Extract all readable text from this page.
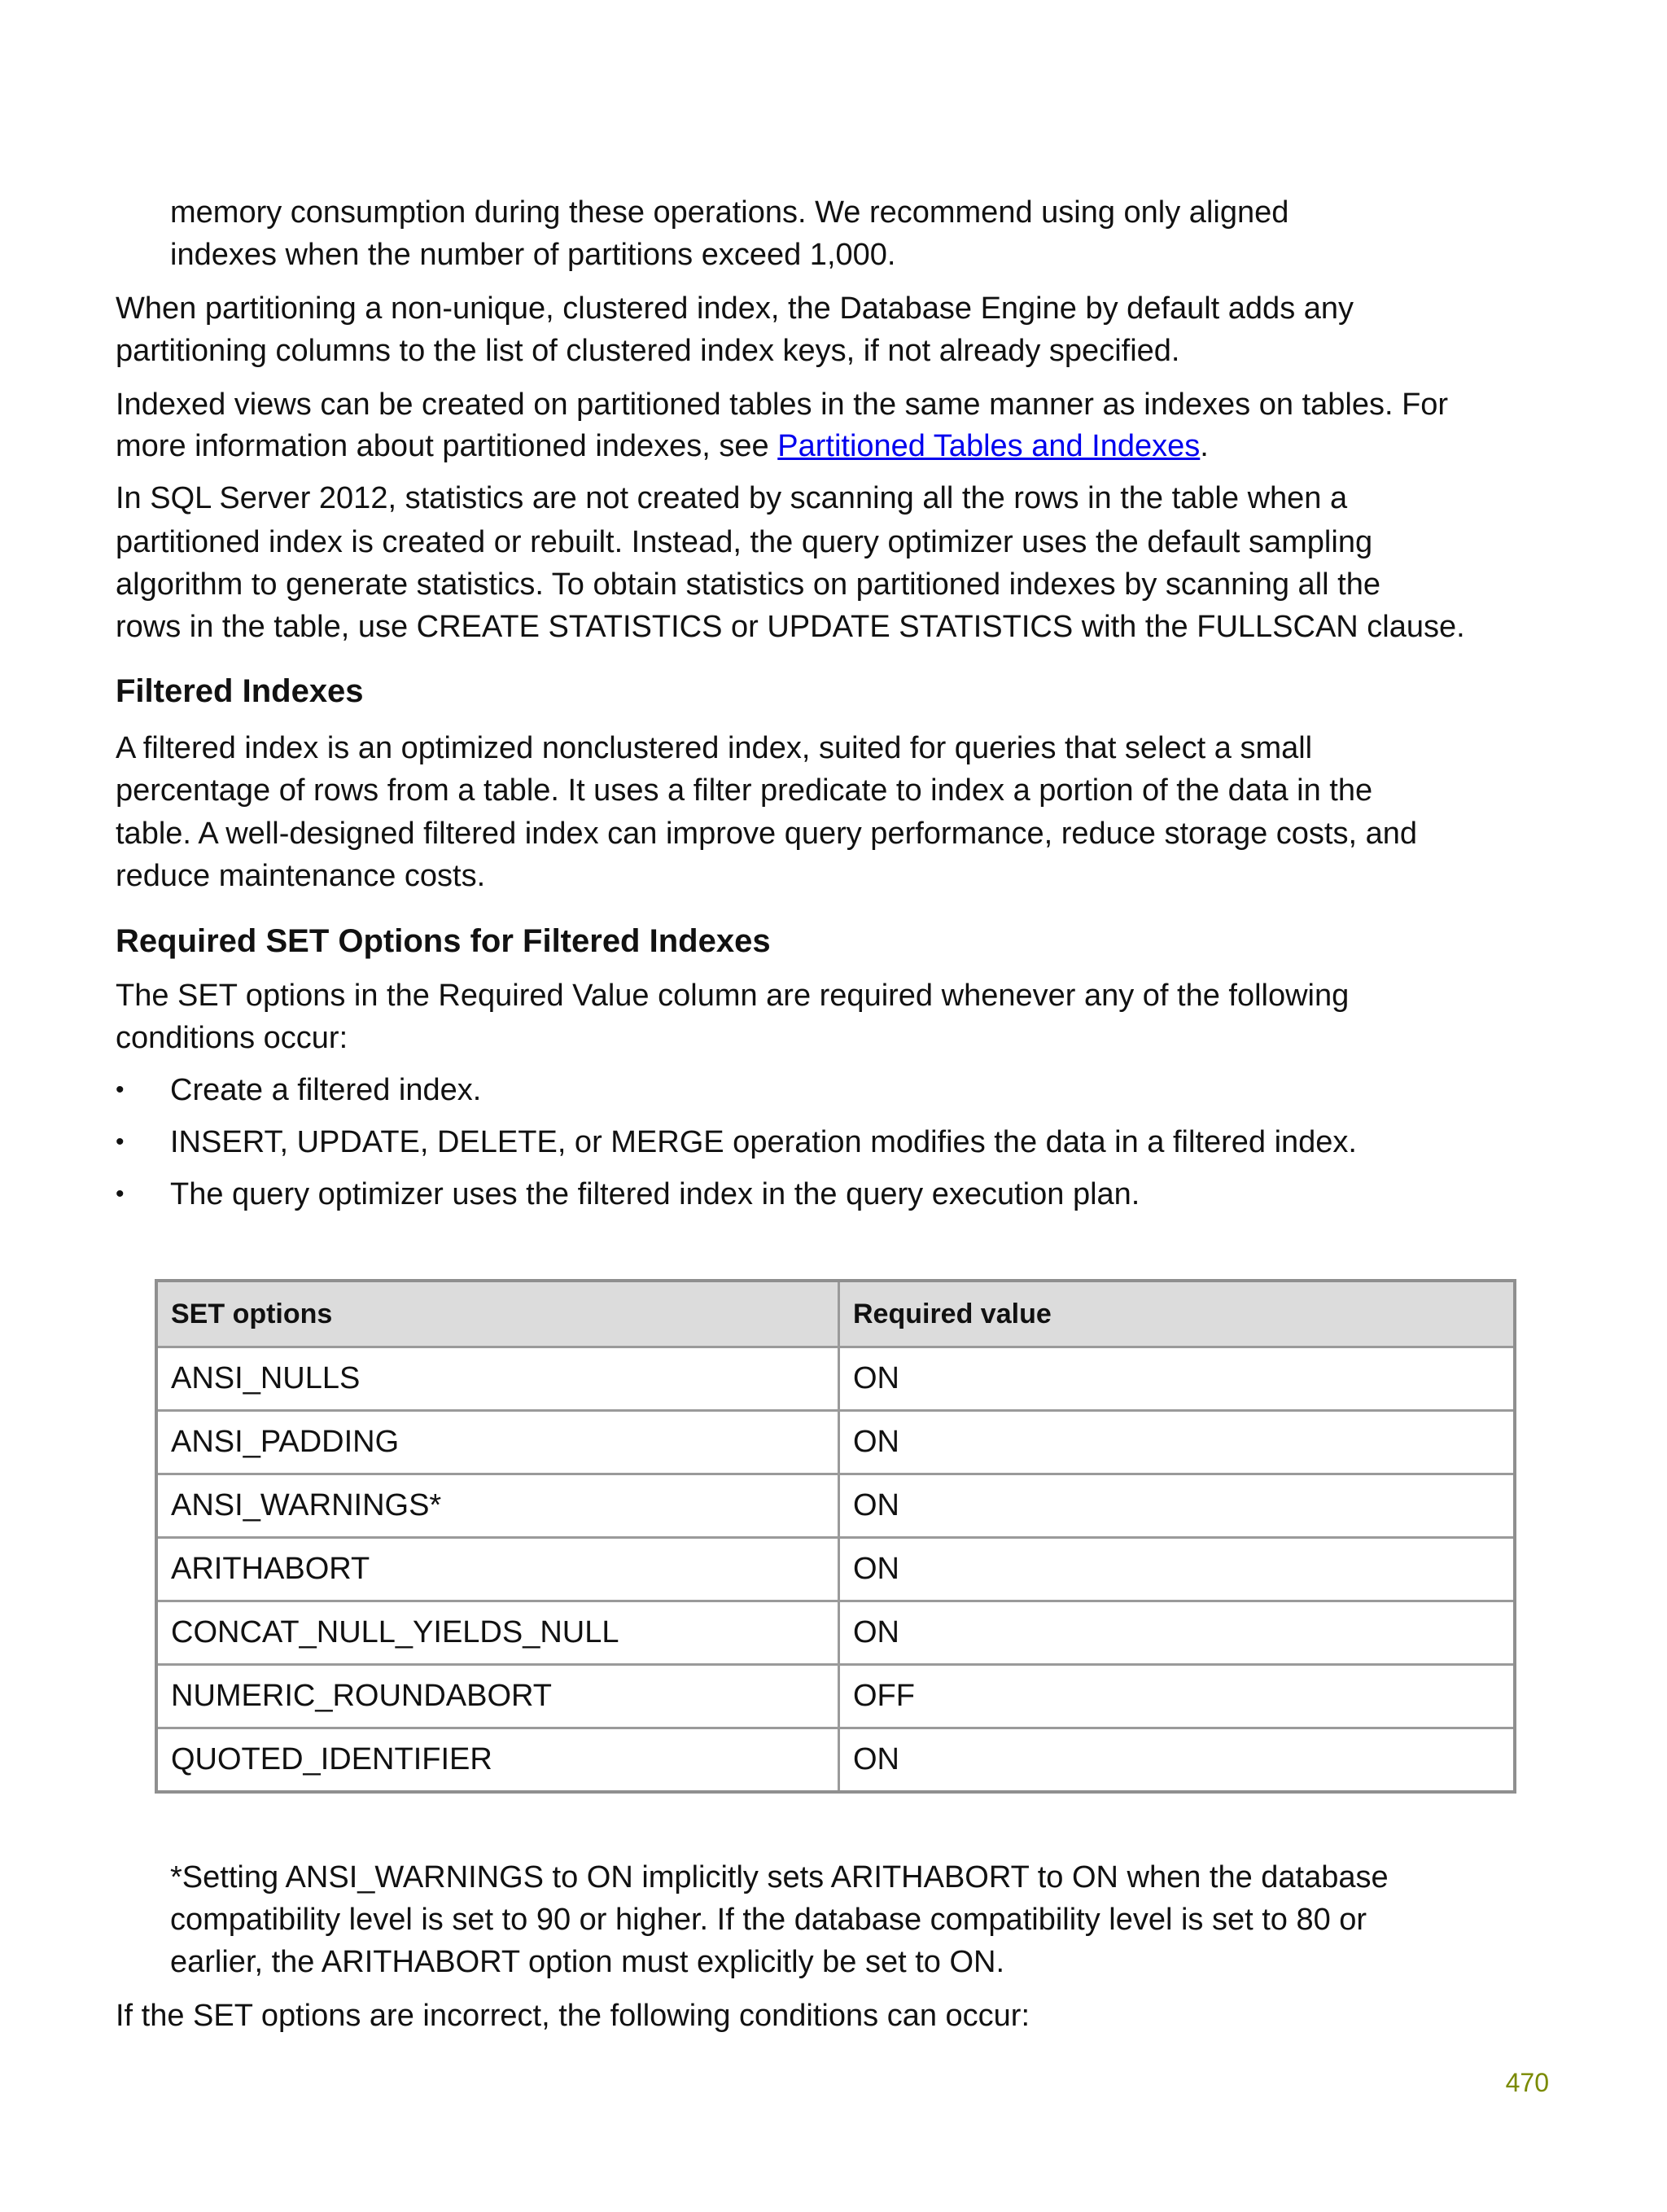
memory consumption during these operations. We recommend using only aligned
indexes when the number of partitions exceed 1,000.
When partitioning a non-unique, clustered index, the Database Engine by default adds any
partitioning columns to the list of clustered index keys, if not already specified.
Indexed views can be created on partitioned tables in the same manner as indexes on tables. For
more information about partitioned indexes, see Partitioned Tables and Indexes.
In SQL Server 2012, statistics are not created by scanning all the rows in the table when a
partitioned index is created or rebuilt. Instead, the query optimizer uses the default sampling
algorithm to generate statistics. To obtain statistics on partitioned indexes by scanning all the
rows in the table, use CREATE STATISTICS or UPDATE STATISTICS with the FULLSCAN clause.
Filtered Indexes
A filtered index is an optimized nonclustered index, suited for queries that select a small
percentage of rows from a table. It uses a filter predicate to index a portion of the data in the
table. A well-designed filtered index can improve query performance, reduce storage costs, and
reduce maintenance costs.
Required SET Options for Filtered Indexes
The SET options in the Required Value column are required whenever any of the following
conditions occur:
• Create a filtered index.
• INSERT, UPDATE, DELETE, or MERGE operation modifies the data in a filtered index.
• The query optimizer uses the filtered index in the query execution plan.
SET options	Required value
ANSI_NULLS	ON
ANSI_PADDING	ON
ANSI_WARNINGS*	ON
ARITHABORT	ON
CONCAT_NULL_YIELDS_NULL	ON
NUMERIC_ROUNDABORT	OFF
QUOTED_IDENTIFIER	ON
*Setting ANSI_WARNINGS to ON implicitly sets ARITHABORT to ON when the database
compatibility level is set to 90 or higher. If the database compatibility level is set to 80 or
earlier, the ARITHABORT option must explicitly be set to ON.
If the SET options are incorrect, the following conditions can occur:
470
